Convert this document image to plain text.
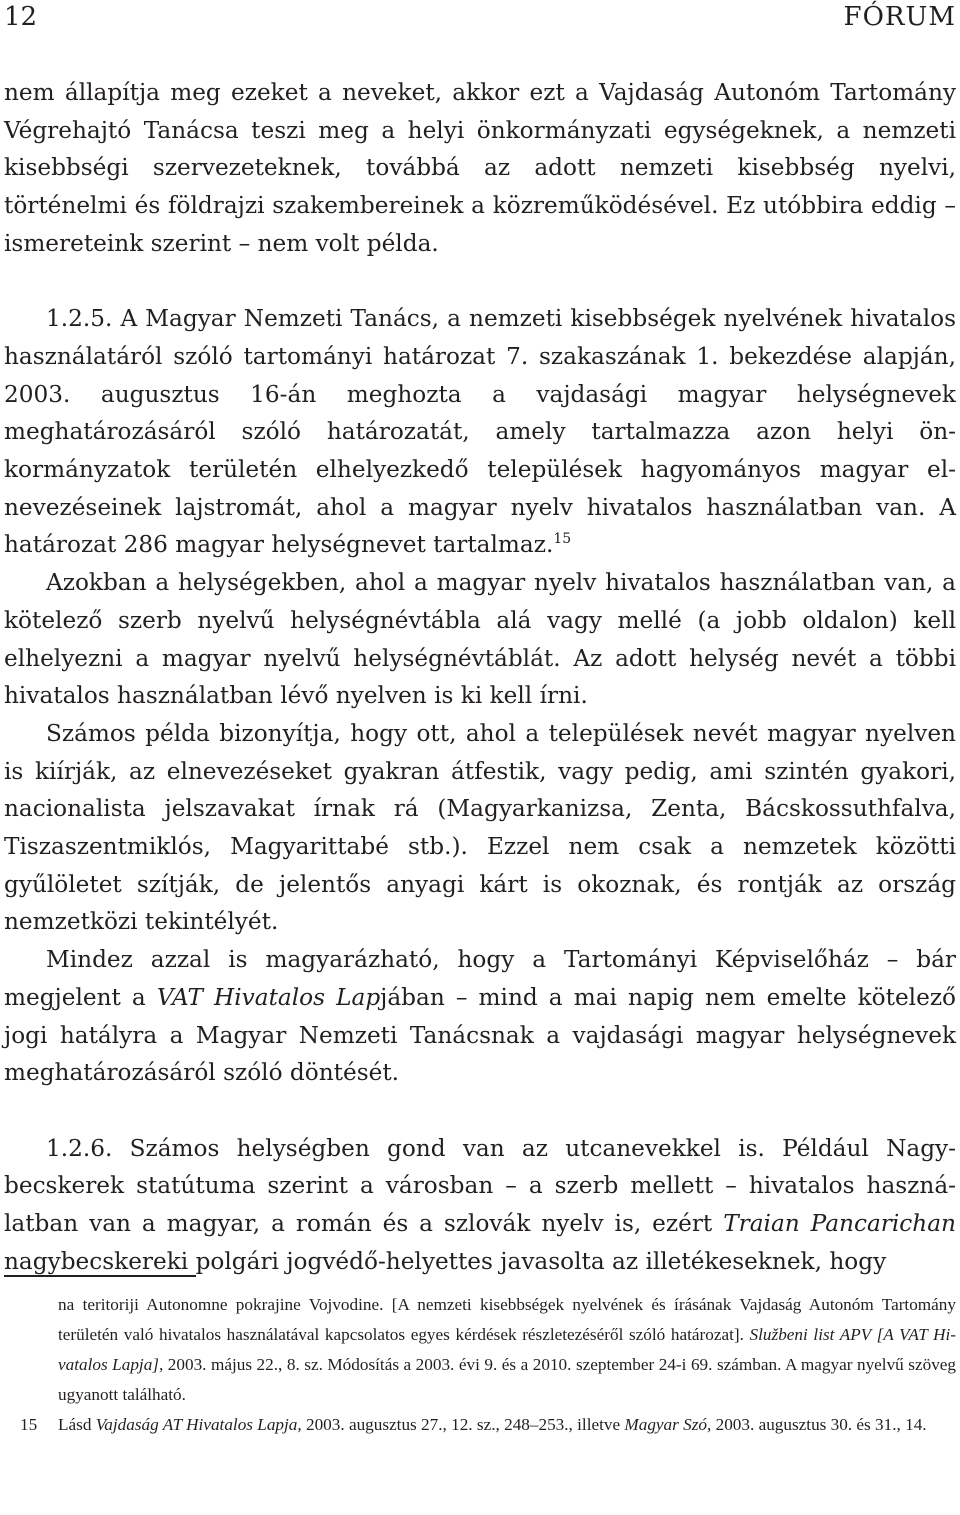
12	FÓRUM

nem állapítja meg ezeket a neveket, akkor ezt a Vajdaság Autonóm Tartomány Végrehajtó Tanácsa teszi meg a helyi önkormányzati egységeknek, a nemzeti kisebbségi szervezeteknek, továbbá az adott nemzeti kisebbség nyelvi, történelmi és földrajzi szakembereinek a közreműködésével. Ez utóbbira eddig – ismereteink szerint – nem volt példa.

1.2.5. A Magyar Nemzeti Tanács, a nemzeti kisebbségek nyelvének hivatalos használatáról szóló tartományi határozat 7. szakaszának 1. bekezdése alapján, 2003. augusztus 16-án meghozta a vajdasági magyar helységnevek meghatározásáról szóló határozatát, amely tartalmazza azon helyi önkormányzatok területén elhelyezkedő települések hagyományos magyar elnevezéseinek lajstromát, ahol a magyar nyelv hivatalos használatban van. A határozat 286 magyar helységnevet tartalmaz.$^{15}$

Azokban a helységekben, ahol a magyar nyelv hivatalos használatban van, a kötelező szerb nyelvű helységnévtábla alá vagy mellé (a jobb oldalon) kell elhelyezni a magyar nyelvű helységnévtáblát. Az adott helység nevét a többi hivatalos használatban lévő nyelven is ki kell írni.

Számos példa bizonyítja, hogy ott, ahol a települések nevét magyar nyelven is kiírják, az elnevezéseket gyakran átfestik, vagy pedig, ami szintén gyakori, nacionalista jelszavakat írnak rá (Magyarkanizsa, Zenta, Bácskossuthfalva, Tiszaszentmiklós, Magyarittabé stb.). Ezzel nem csak a nemzetek közötti gyűlöletet szítják, de jelentős anyagi kárt is okoznak, és rontják az ország nemzetközi tekintélyét.

Mindez azzal is magyarázható, hogy a Tartományi Képviselőház – bár megjelent a VAT Hivatalos Lapjában – mind a mai napig nem emelte kötelező jogi hatályra a Magyar Nemzeti Tanácsnak a vajdasági magyar helységnevek meghatározásáról szóló döntését.

1.2.6. Számos helységben gond van az utcanevekkel is. Például Nagybecskerek statútuma szerint a városban – a szerb mellett – hivatalos használatban van a magyar, a román és a szlovák nyelv is, ezért Traian Pancarichan nagybecskereki polgári jogvédő-helyettes javasolta az illetékeseknek, hogy

na teritoriji Autonomne pokrajine Vojvodine. [A nemzeti kisebbségek nyelvének és írásának Vajdaság Autonóm Tartomány területén való hivatalos használatával kapcsolatos egyes kérdések részletezéséről szóló határozat]. Službeni list APV [A VAT Hivatalos Lapja], 2003. május 22., 8. sz. Módosítás a 2003. évi 9. és a 2010. szeptember 24-i 69. számban. A magyar nyelvű szöveg ugyanott található.

15 Lásd Vajdaság AT Hivatalos Lapja, 2003. augusztus 27., 12. sz., 248–253., illetve Magyar Szó, 2003. augusztus 30. és 31., 14.
